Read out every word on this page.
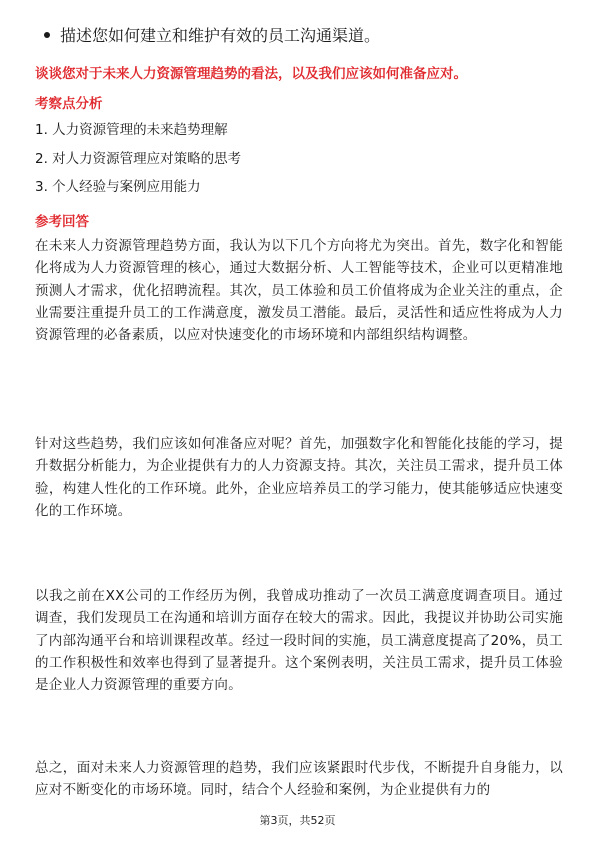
描述您如何建立和维护有效的员工沟通渠道。
谈谈您对于未来人力资源管理趋势的看法，以及我们应该如何准备应对。
考察点分析
1. 人力资源管理的未来趋势理解
2. 对人力资源管理应对策略的思考
3. 个人经验与案例应用能力
参考回答
在未来人力资源管理趋势方面，我认为以下几个方向将尤为突出。首先，数字化和智能化将成为人力资源管理的核心，通过大数据分析、人工智能等技术，企业可以更精准地预测人才需求，优化招聘流程。其次，员工体验和员工价值将成为企业关注的重点，企业需要注重提升员工的工作满意度，激发员工潜能。最后，灵活性和适应性将成为人力资源管理的必备素质，以应对快速变化的市场环境和内部组织结构调整。
针对这些趋势，我们应该如何准备应对呢？首先，加强数字化和智能化技能的学习，提升数据分析能力，为企业提供有力的人力资源支持。其次，关注员工需求，提升员工体验，构建人性化的工作环境。此外，企业应培养员工的学习能力，使其能够适应快速变化的工作环境。
以我之前在XX公司的工作经历为例，我曾成功推动了一次员工满意度调查项目。通过调查，我们发现员工在沟通和培训方面存在较大的需求。因此，我提议并协助公司实施了内部沟通平台和培训课程改革。经过一段时间的实施，员工满意度提高了20%，员工的工作积极性和效率也得到了显著提升。这个案例表明，关注员工需求，提升员工体验是企业人力资源管理的重要方向。
总之，面对未来人力资源管理的趋势，我们应该紧跟时代步伐，不断提升自身能力，以应对不断变化的市场环境。同时，结合个人经验和案例，为企业提供有力的
第3页，共52页
